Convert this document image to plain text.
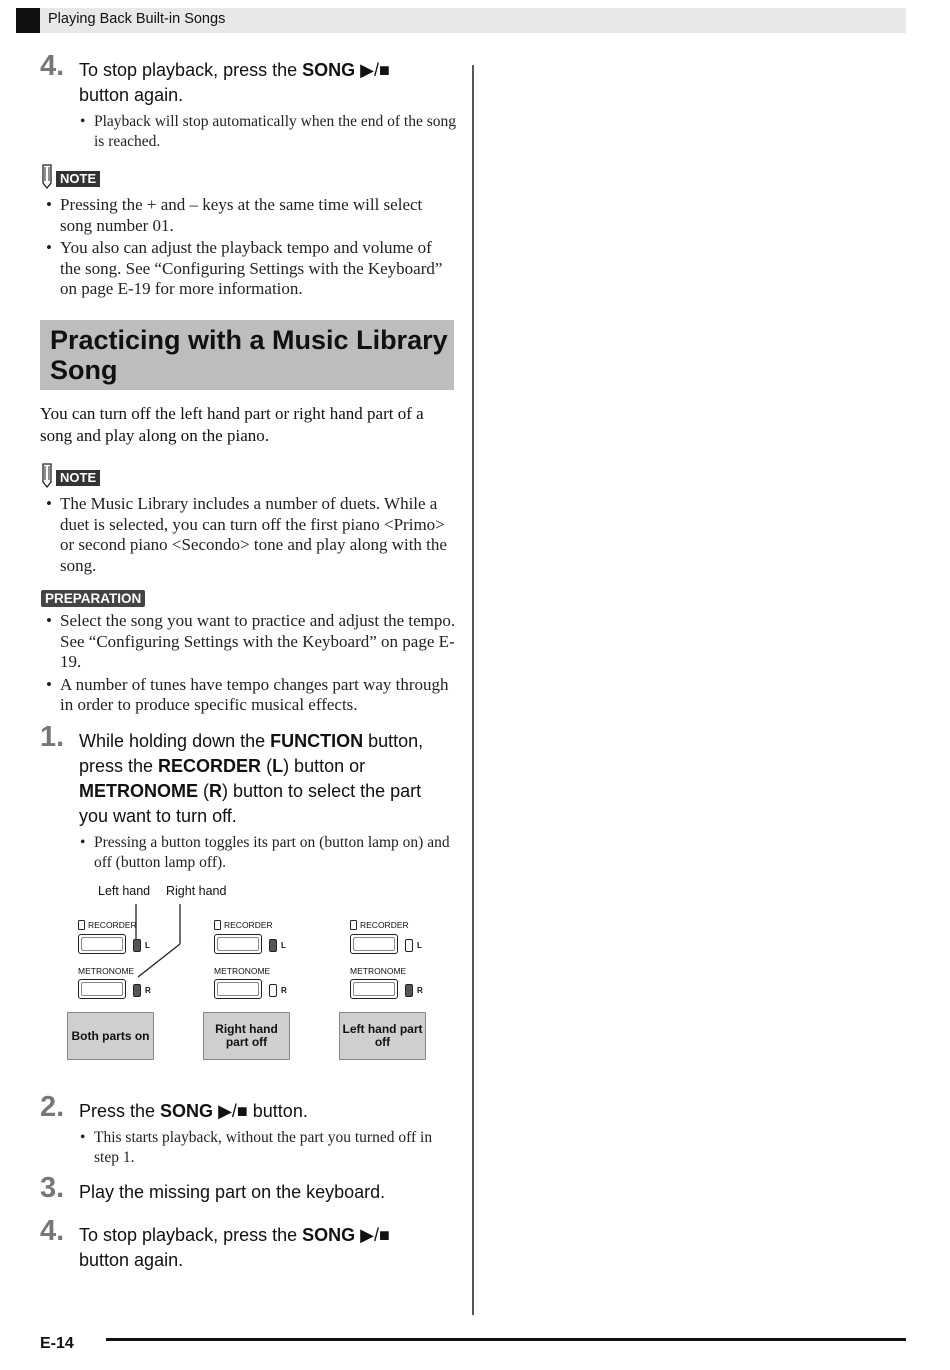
Playing Back Built-in Songs
4. To stop playback, press the SONG ▶/■ button again.
• Playback will stop automatically when the end of the song is reached.
NOTE
• Pressing the + and – keys at the same time will select song number 01.
• You also can adjust the playback tempo and volume of the song. See “Configuring Settings with the Keyboard” on page E-19 for more information.
Practicing with a Music Library
Song
You can turn off the left hand part or right hand part of a song and play along on the piano.
NOTE
• The Music Library includes a number of duets. While a duet is selected, you can turn off the first piano <Primo> or second piano <Secondo> tone and play along with the song.
PREPARATION
• Select the song you want to practice and adjust the tempo. See “Configuring Settings with the Keyboard” on page E-19.
• A number of tunes have tempo changes part way through in order to produce specific musical effects.
1. While holding down the FUNCTION button, press the RECORDER (L) button or METRONOME (R) button to select the part you want to turn off.
• Pressing a button toggles its part on (button lamp on) and off (button lamp off).
Left hand Right hand
RECORDER
L
METRONOME
R
Both parts on
RECORDER
L
METRONOME
R
Right hand part off
RECORDER
L
METRONOME
R
Left hand part off
2. Press the SONG ▶/■ button.
• This starts playback, without the part you turned off in step 1.
3. Play the missing part on the keyboard.
4. To stop playback, press the SONG ▶/■ button again.
E-14
